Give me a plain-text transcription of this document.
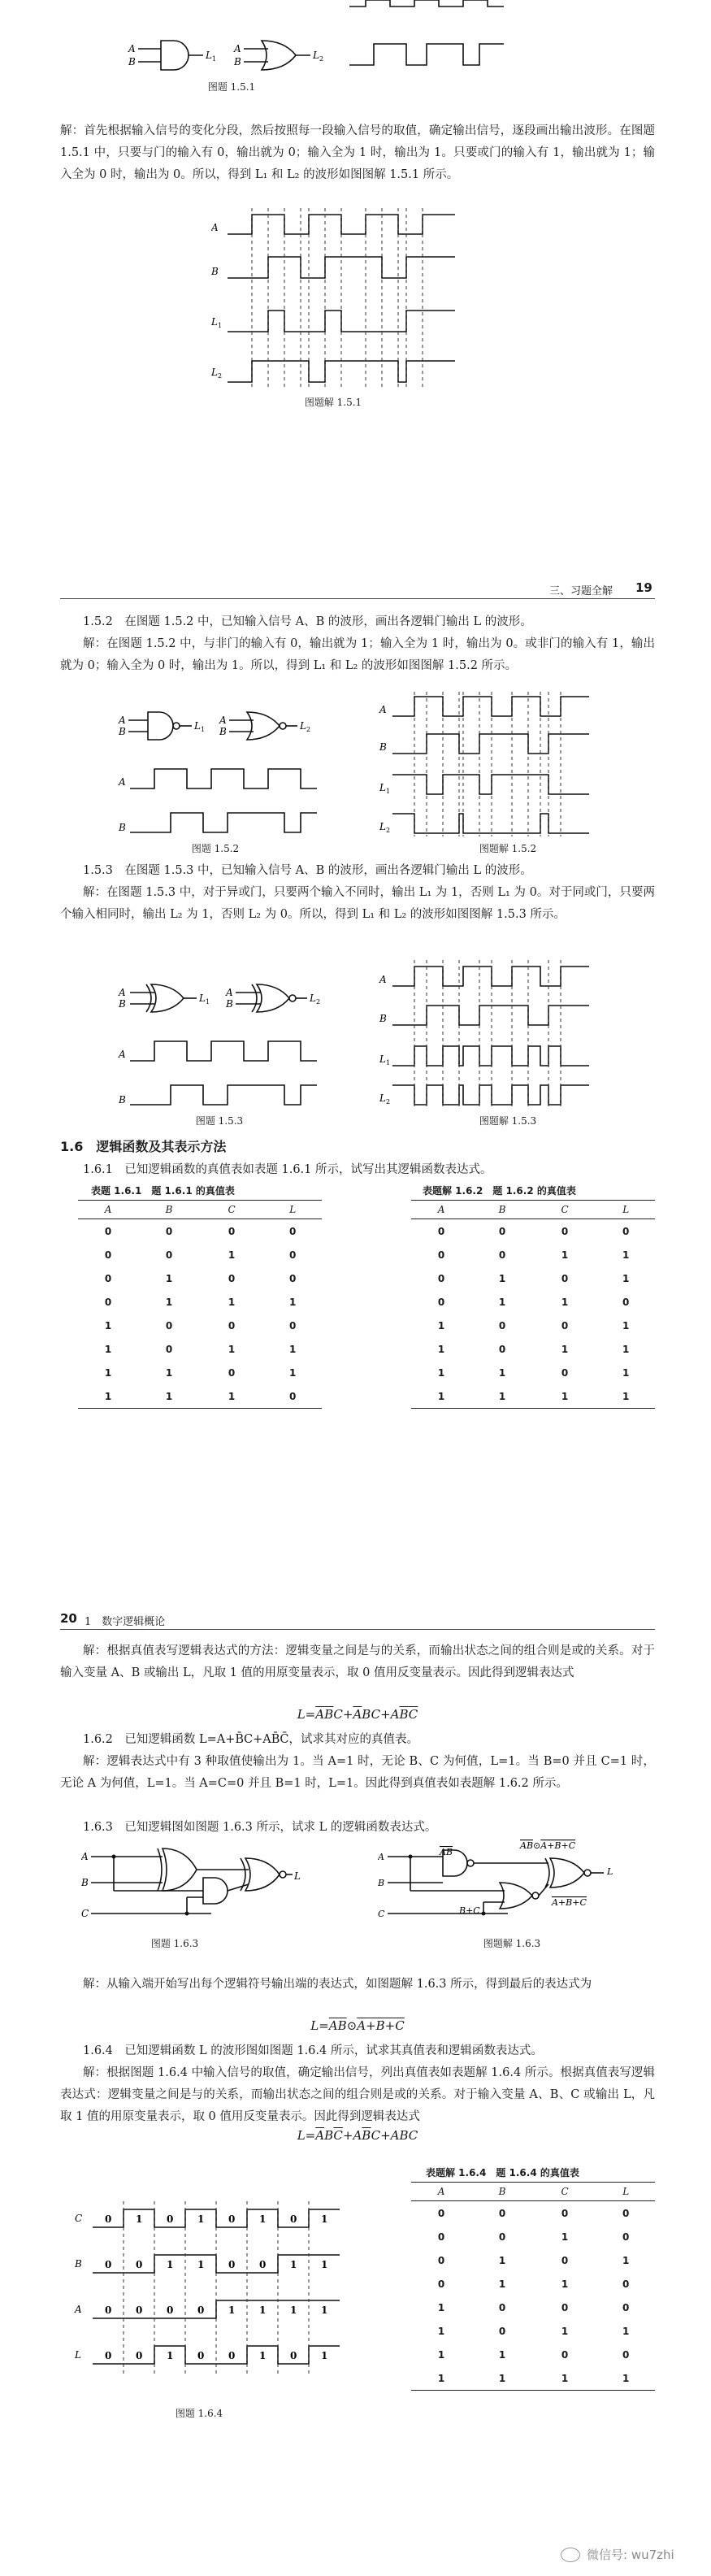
A
B
L 1
A
B
L 2
图题 1.5.1
解：首先根据输入信号的变化分段，然后按照每一段输入信号的取值，确定输出信号，逐段画出输出波形。在图题 1.5.1 中，只要与门的输入有 0，输出就为 0；输入全为 1 时，输出为 1。只要或门的输入有 1，输出就为 1；输入全为 0 时，输出为 0。所以，得到 L₁ 和 L₂ 的波形如图图解 1.5.1 所示。
A
B
L 1
L 2
图题解 1.5.1
三、习题全解 19
1.5.2　在图题 1.5.2 中，已知输入信号 A、B 的波形，画出各逻辑门输出 L 的波形。
解：在图题 1.5.2 中，与非门的输入有 0，输出就为 1；输入全为 1 时，输出为 0。或非门的输入有 1，输出就为 0；输入全为 0 时，输出为 1。所以，得到 L₁ 和 L₂ 的波形如图图解 1.5.2 所示。
A
B	L 1
A
B	L 2
A
B
图题 1.5.2
A
B
L 1
L 2
图题解 1.5.2
1.5.3　在图题 1.5.3 中，已知输入信号 A、B 的波形，画出各逻辑门输出 L 的波形。
解：在图题 1.5.3 中，对于异或门，只要两个输入不同时，输出 L₁ 为 1，否则 L₁ 为 0。对于同或门，只要两个输入相同时，输出 L₂ 为 1，否则 L₂ 为 0。所以，得到 L₁ 和 L₂ 的波形如图图解 1.5.3 所示。
A
B	L 1
A
B	L 2
A
B
图题 1.5.3
A
B
L 1
L 2
图题解 1.5.3
1.6　逻辑函数及其表示方法
1.6.1　已知逻辑函数的真值表如表题 1.6.1 所示，试写出其逻辑函数表达式。
表题 1.6.1　题 1.6.1 的真值表
A	B	C	L
0	0	0	0
0	0	1	0
0	1	0	0
0	1	1	1
1	0	0	0
1	0	1	1
1	1	0	1
1	1	1	0
表题解 1.6.2　题 1.6.2 的真值表
A	B	C	L
0	0	0	0
0	0	1	1
0	1	0	1
0	1	1	0
1	0	0	1
1	0	1	1
1	1	0	1
1	1	1	1
20 1　数字逻辑概论
解：根据真值表写逻辑表达式的方法：逻辑变量之间是与的关系，而输出状态之间的组合则是或的关系。对于输入变量 A、B 或输出 L，凡取 1 值的用原变量表示，取 0 值用反变量表示。因此得到逻辑表达式
$L=\overline{A}\overline{B}C+\overline{A}BC+A\overline{B}\overline{C}$
1.6.2　已知逻辑函数 L=A+B̄C+AB̄C̄，试求其对应的真值表。
解：逻辑表达式中有 3 种取值使输出为 1。当 A=1 时，无论 B、C 为何值，L=1。当 B=0 并且 C=1 时，无论 A 为何值，L=1。当 A=C=0 并且 B=1 时，L=1。因此得到真值表如表题解 1.6.2 所示。
1.6.3　已知逻辑图如图题 1.6.3 所示，试求 L 的逻辑函数表达式。
A
B
C
L
图题 1.6.3
A
B
C
AB⊙A+B+C
L
A+B+C
B+C
AB
图题解 1.6.3
解：从输入端开始写出每个逻辑符号输出端的表达式，如图题解 1.6.3 所示，得到最后的表达式为
$L=\overline{AB}⊙A+B+C$
1.6.4　已知逻辑函数 L 的波形图如图题 1.6.4 所示，试求其真值表和逻辑函数表达式。
解：根据图题 1.6.4 中输入信号的取值，确定输出信号，列出真值表如表题解 1.6.4 所示。根据真值表写逻辑表达式：逻辑变量之间是与的关系，而输出状态之间的组合则是或的关系。对于输入变量 A、B、C 或输出 L，凡取 1 值的用原变量表示，取 0 值用反变量表示。因此得到逻辑表达式
$L=\overline{A}B\overline{C}+A\overline{B}C+ABC$
表题解 1.6.4　题 1.6.4 的真值表
A	B	C	L
0	0	0	0
0	0	1	0
0	1	0	1
0	1	1	0
1	0	0	0
1	0	1	1
1	1	0	0
1	1	1	1
C 0 1 0 1 0 1 0 1
B 0 0 1 1 0 0 1 1
A 0 0 0 0 1 1 1 1
L 0 0 1 0 0 1 0 1
图题 1.6.4
微信号: wu7zhi
